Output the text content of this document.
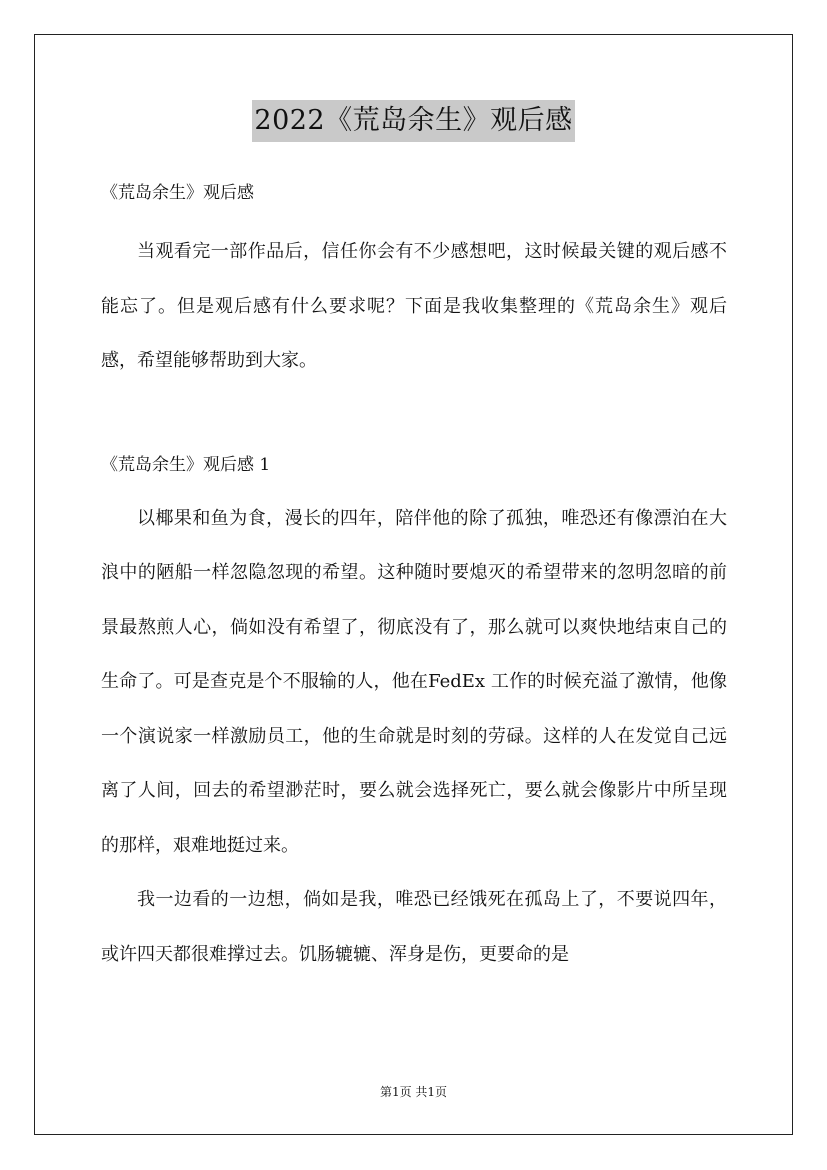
2022《荒岛余生》观后感

《荒岛余生》观后感

当观看完一部作品后，信任你会有不少感想吧，这时候最关键的观后感不能忘了。但是观后感有什么要求呢？下面是我收集整理的《荒岛余生》观后感，希望能够帮助到大家。

《荒岛余生》观后感 1

以椰果和鱼为食，漫长的四年，陪伴他的除了孤独，唯恐还有像漂泊在大浪中的陋船一样忽隐忽现的希望。这种随时要熄灭的希望带来的忽明忽暗的前景最熬煎人心，倘如没有希望了，彻底没有了，那么就可以爽快地结束自己的生命了。可是查克是个不服输的人，他在FedEx 工作的时候充溢了激情，他像一个演说家一样激励员工，他的生命就是时刻的劳碌。这样的人在发觉自己远离了人间，回去的希望渺茫时，要么就会选择死亡，要么就会像影片中所呈现的那样，艰难地挺过来。

我一边看的一边想，倘如是我，唯恐已经饿死在孤岛上了，不要说四年，或许四天都很难撑过去。饥肠辘辘、浑身是伤，更要命的是

第1页 共1页
